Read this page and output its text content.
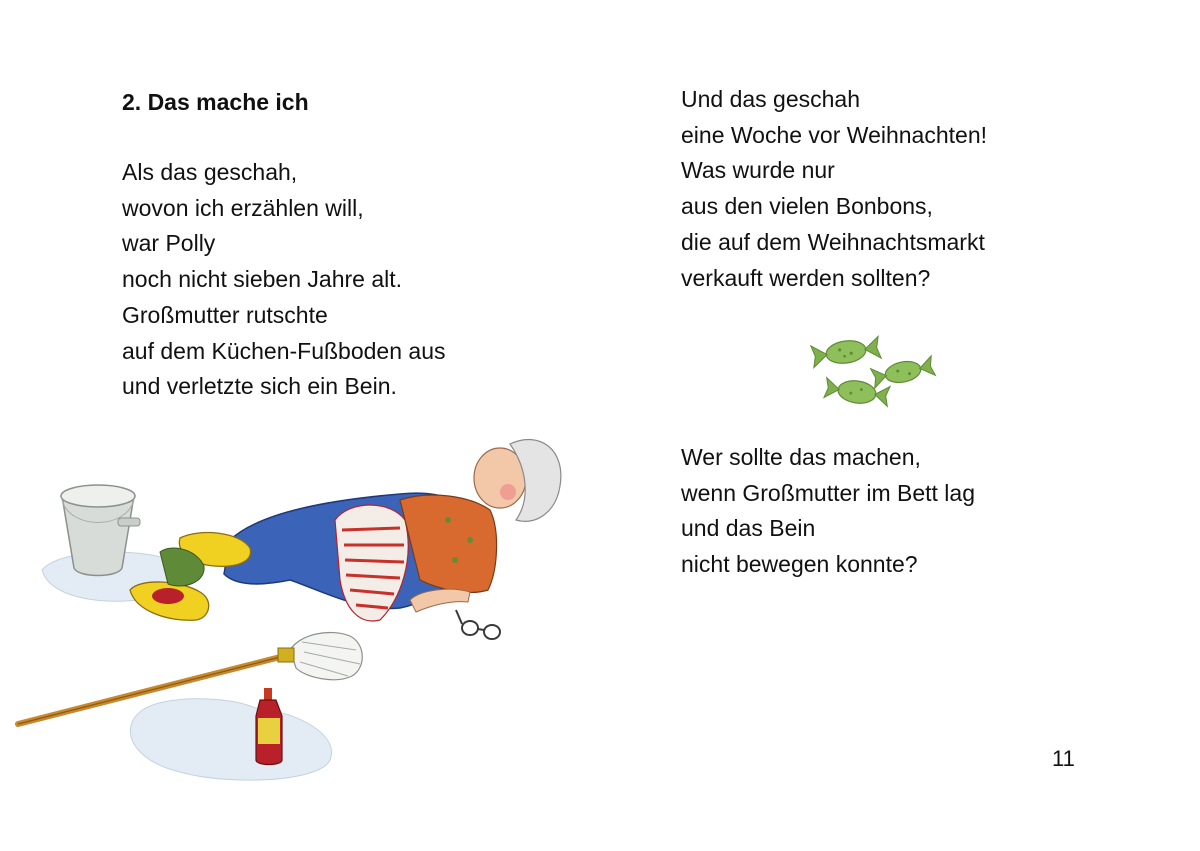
2. Das mache ich
Als das geschah,
wovon ich erzählen will,
war Polly
noch nicht sieben Jahre alt.
Großmutter rutschte
auf dem Küchen-Fußboden aus
und verletzte sich ein Bein.
Und das geschah
eine Woche vor Weihnachten!
Was wurde nur
aus den vielen Bonbons,
die auf dem Weihnachtsmarkt
verkauft werden sollten?
Wer sollte das machen,
wenn Großmutter im Bett lag
und das Bein
nicht bewegen konnte?
11
